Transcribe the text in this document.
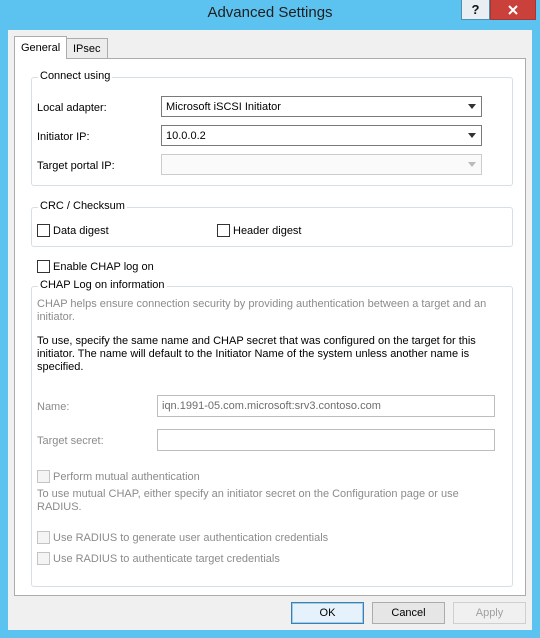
Advanced Settings	?
General	IPsec
Connect using
Local adapter:	Microsoft iSCSI Initiator
Initiator IP:	10.0.0.2
Target portal IP:
CRC / Checksum
Data digest	Header digest
Enable CHAP log on
CHAP Log on information
CHAP helps ensure connection security by providing authentication between a target and an initiator.
To use, specify the same name and CHAP secret that was configured on the target for this initiator. The name will default to the Initiator Name of the system unless another name is specified.
Name:	iqn.1991-05.com.microsoft:srv3.contoso.com
Target secret:
Perform mutual authentication
To use mutual CHAP, either specify an initiator secret on the Configuration page or use RADIUS.
Use RADIUS to generate user authentication credentials
Use RADIUS to authenticate target credentials
OK	Cancel	Apply
